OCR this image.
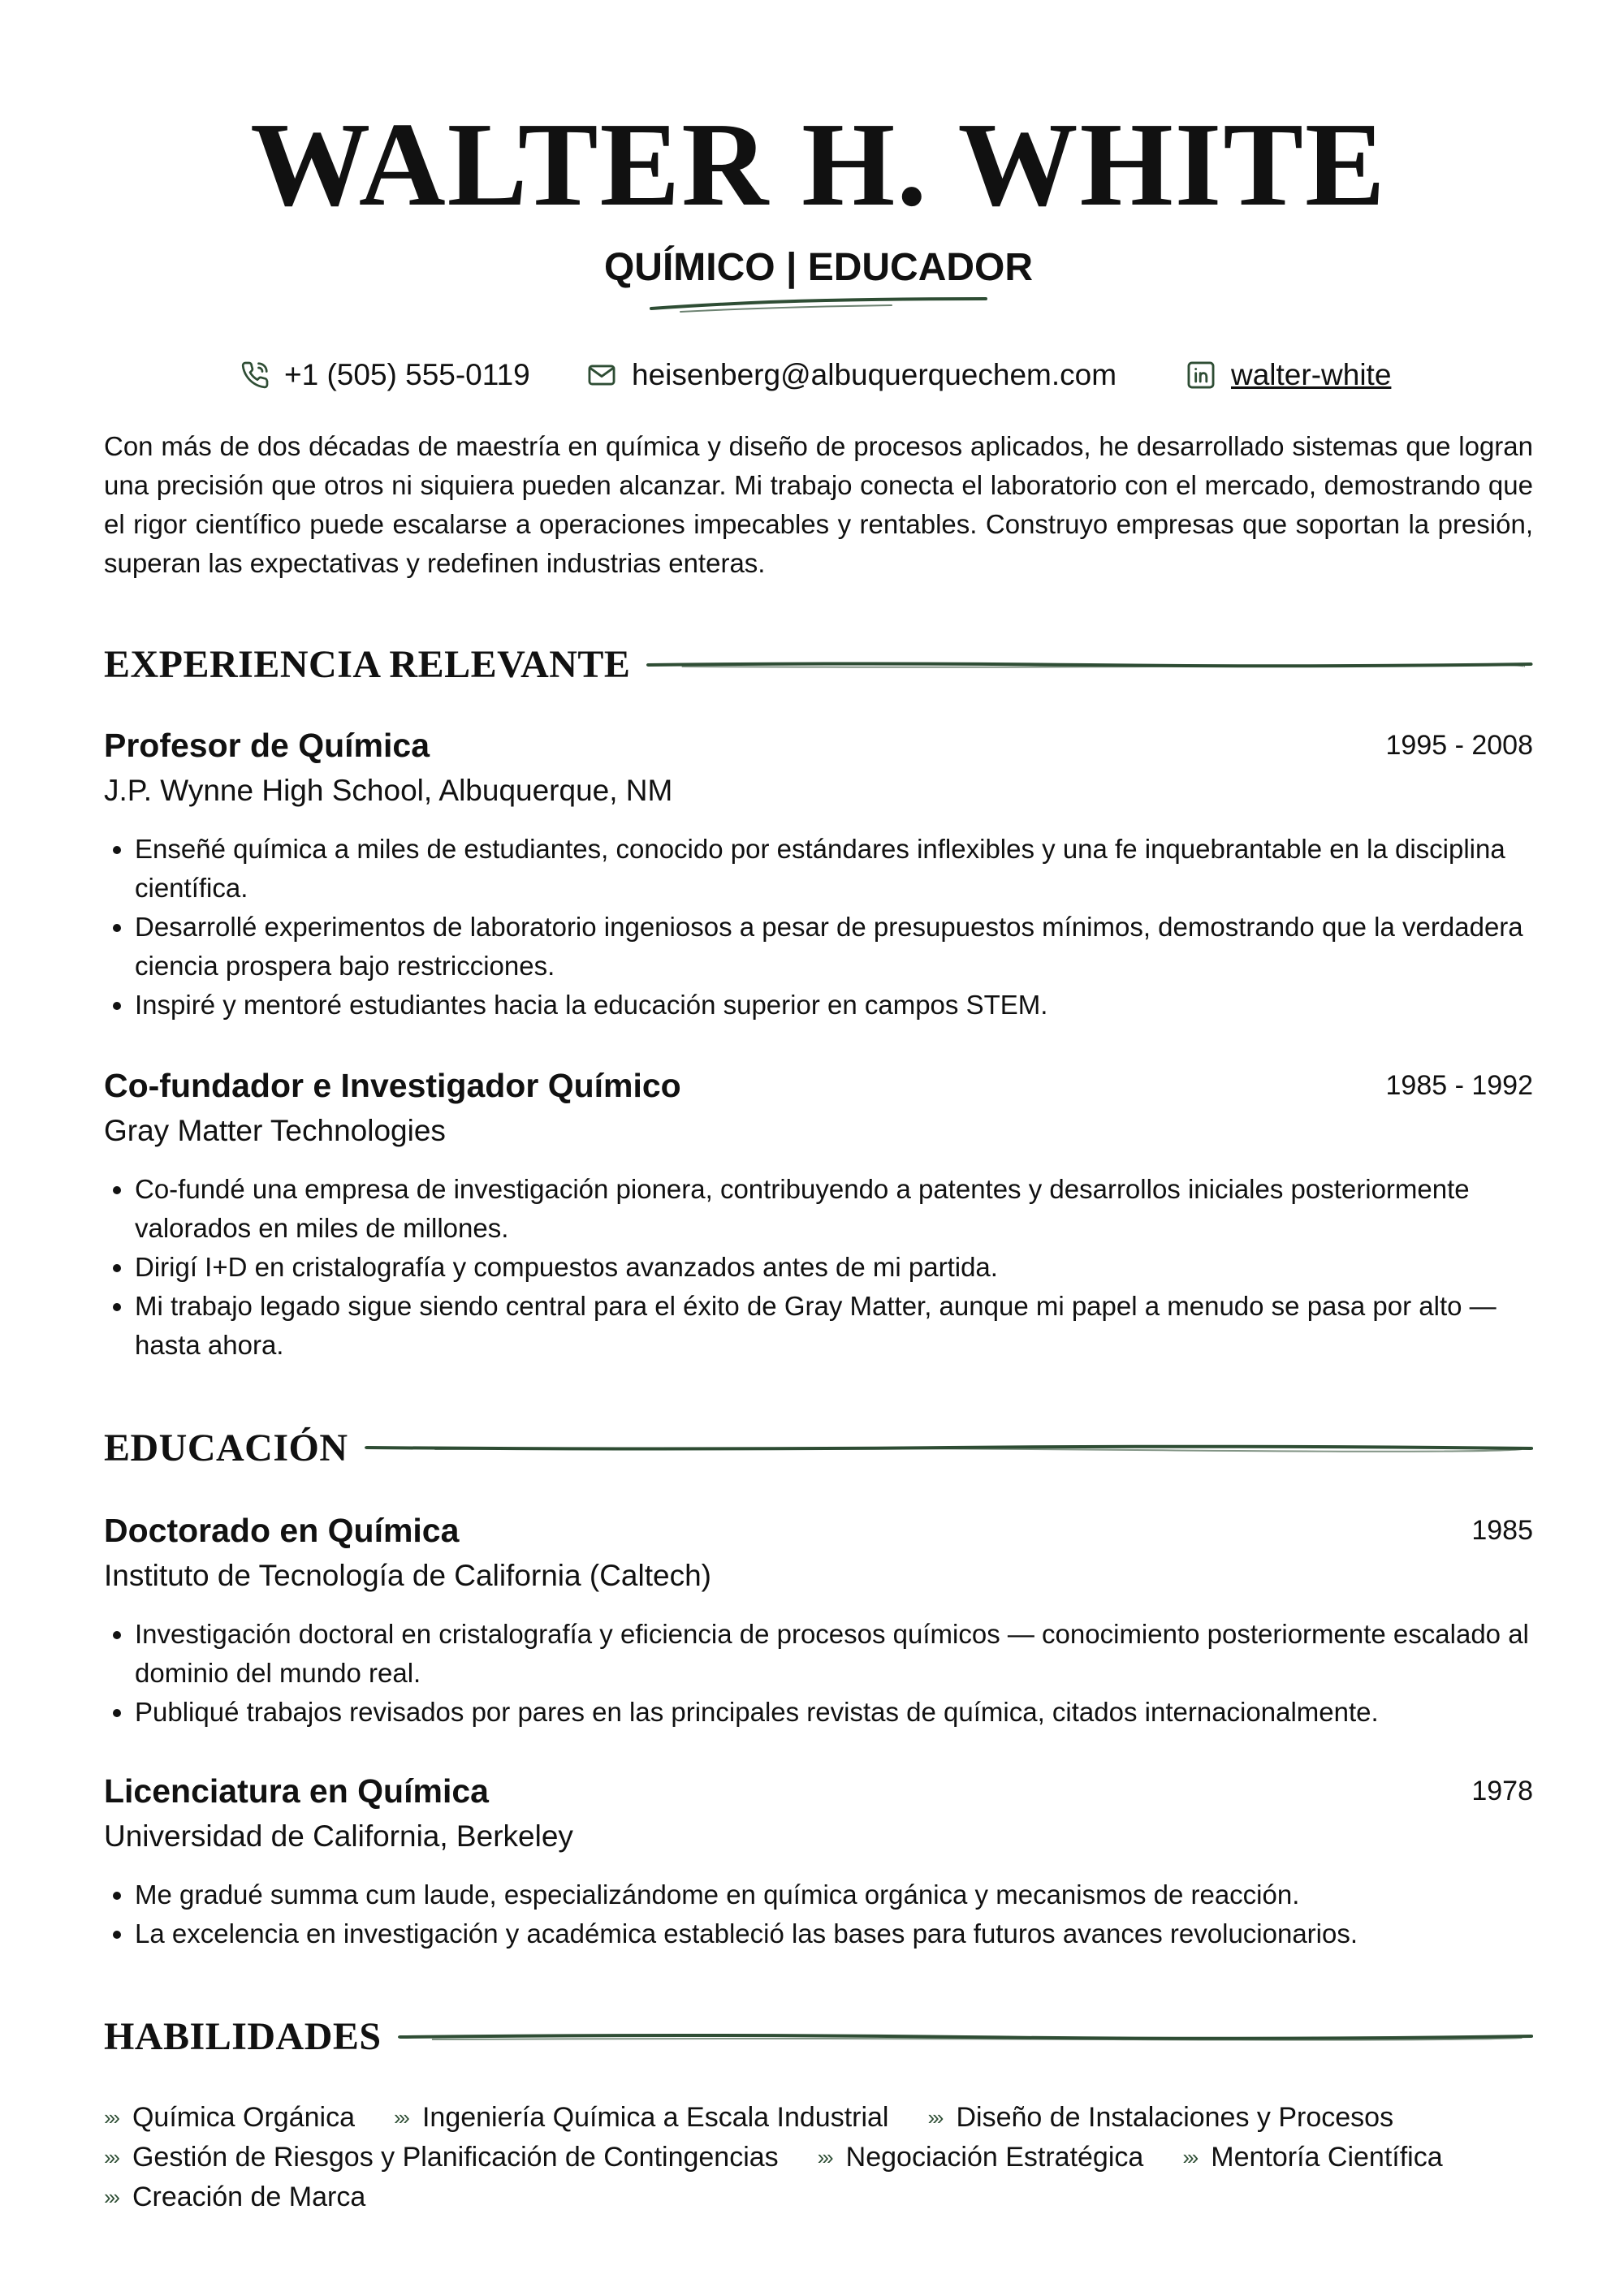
WALTER H. WHITE
QUÍMICO | EDUCADOR
+1 (505) 555-0119	heisenberg@albuquerquechem.com	walter-white

Con más de dos décadas de maestría en química y diseño de procesos aplicados, he desarrollado sistemas que logran una precisión que otros ni siquiera pueden alcanzar. Mi trabajo conecta el laboratorio con el mercado, demostrando que el rigor científico puede escalarse a operaciones impecables y rentables. Construyo empresas que soportan la presión, superan las expectativas y redefinen industrias enteras.

EXPERIENCIA RELEVANTE
Profesor de Química	1995 - 2008
J.P. Wynne High School, Albuquerque, NM
• Enseñé química a miles de estudiantes, conocido por estándares inflexibles y una fe inquebrantable en la disciplina científica.
• Desarrollé experimentos de laboratorio ingeniosos a pesar de presupuestos mínimos, demostrando que la verdadera ciencia prospera bajo restricciones.
• Inspiré y mentoré estudiantes hacia la educación superior en campos STEM.
Co-fundador e Investigador Químico	1985 - 1992
Gray Matter Technologies
• Co-fundé una empresa de investigación pionera, contribuyendo a patentes y desarrollos iniciales posteriormente valorados en miles de millones.
• Dirigí I+D en cristalografía y compuestos avanzados antes de mi partida.
• Mi trabajo legado sigue siendo central para el éxito de Gray Matter, aunque mi papel a menudo se pasa por alto — hasta ahora.
EDUCACIÓN
Doctorado en Química	1985
Instituto de Tecnología de California (Caltech)
• Investigación doctoral en cristalografía y eficiencia de procesos químicos — conocimiento posteriormente escalado al dominio del mundo real.
• Publiqué trabajos revisados por pares en las principales revistas de química, citados internacionalmente.
Licenciatura en Química	1978
Universidad de California, Berkeley
• Me gradué summa cum laude, especializándome en química orgánica y mecanismos de reacción.
• La excelencia en investigación y académica estableció las bases para futuros avances revolucionarios.
HABILIDADES
››› Química Orgánica ››› Ingeniería Química a Escala Industrial ››› Diseño de Instalaciones y Procesos
››› Gestión de Riesgos y Planificación de Contingencias ››› Negociación Estratégica ››› Mentoría Científica
››› Creación de Marca
